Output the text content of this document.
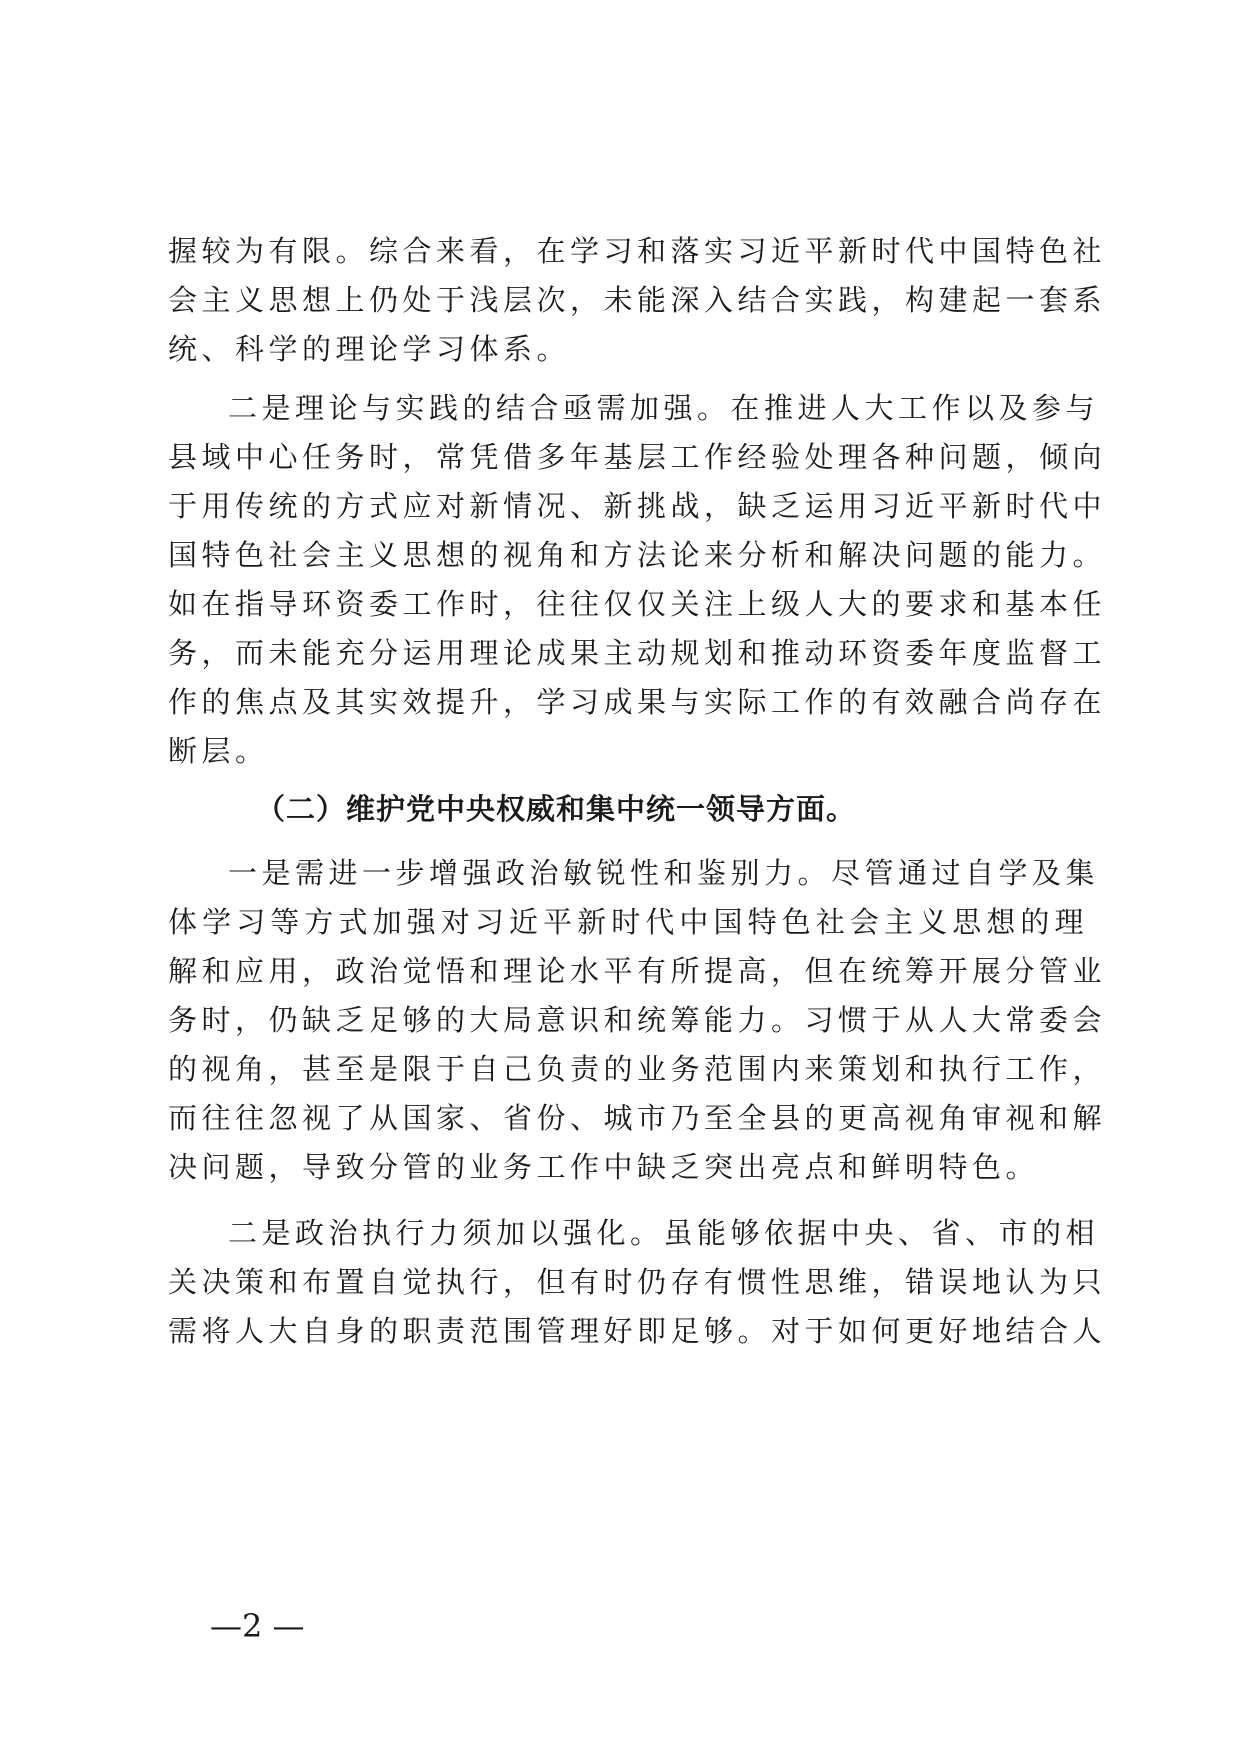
握较为有限。综合来看，在学习和落实习近平新时代中国特色社
会主义思想上仍处于浅层次，未能深入结合实践，构建起一套系
统、科学的理论学习体系。
二是理论与实践的结合亟需加强。在推进人大工作以及参与
县域中心任务时，常凭借多年基层工作经验处理各种问题，倾向
于用传统的方式应对新情况、新挑战，缺乏运用习近平新时代中
国特色社会主义思想的视角和方法论来分析和解决问题的能力。
如在指导环资委工作时，往往仅仅关注上级人大的要求和基本任
务，而未能充分运用理论成果主动规划和推动环资委年度监督工
作的焦点及其实效提升，学习成果与实际工作的有效融合尚存在
断层。
（二）维护党中央权威和集中统一领导方面。
一是需进一步增强政治敏锐性和鉴别力。尽管通过自学及集
体学习等方式加强对习近平新时代中国特色社会主义思想的理
解和应用，政治觉悟和理论水平有所提高，但在统筹开展分管业
务时，仍缺乏足够的大局意识和统筹能力。习惯于从人大常委会
的视角，甚至是限于自己负责的业务范围内来策划和执行工作，
而往往忽视了从国家、省份、城市乃至全县的更高视角审视和解
决问题，导致分管的业务工作中缺乏突出亮点和鲜明特色。
二是政治执行力须加以强化。虽能够依据中央、省、市的相
关决策和布置自觉执行，但有时仍存有惯性思维，错误地认为只
需将人大自身的职责范围管理好即足够。对于如何更好地结合人
—2 —
